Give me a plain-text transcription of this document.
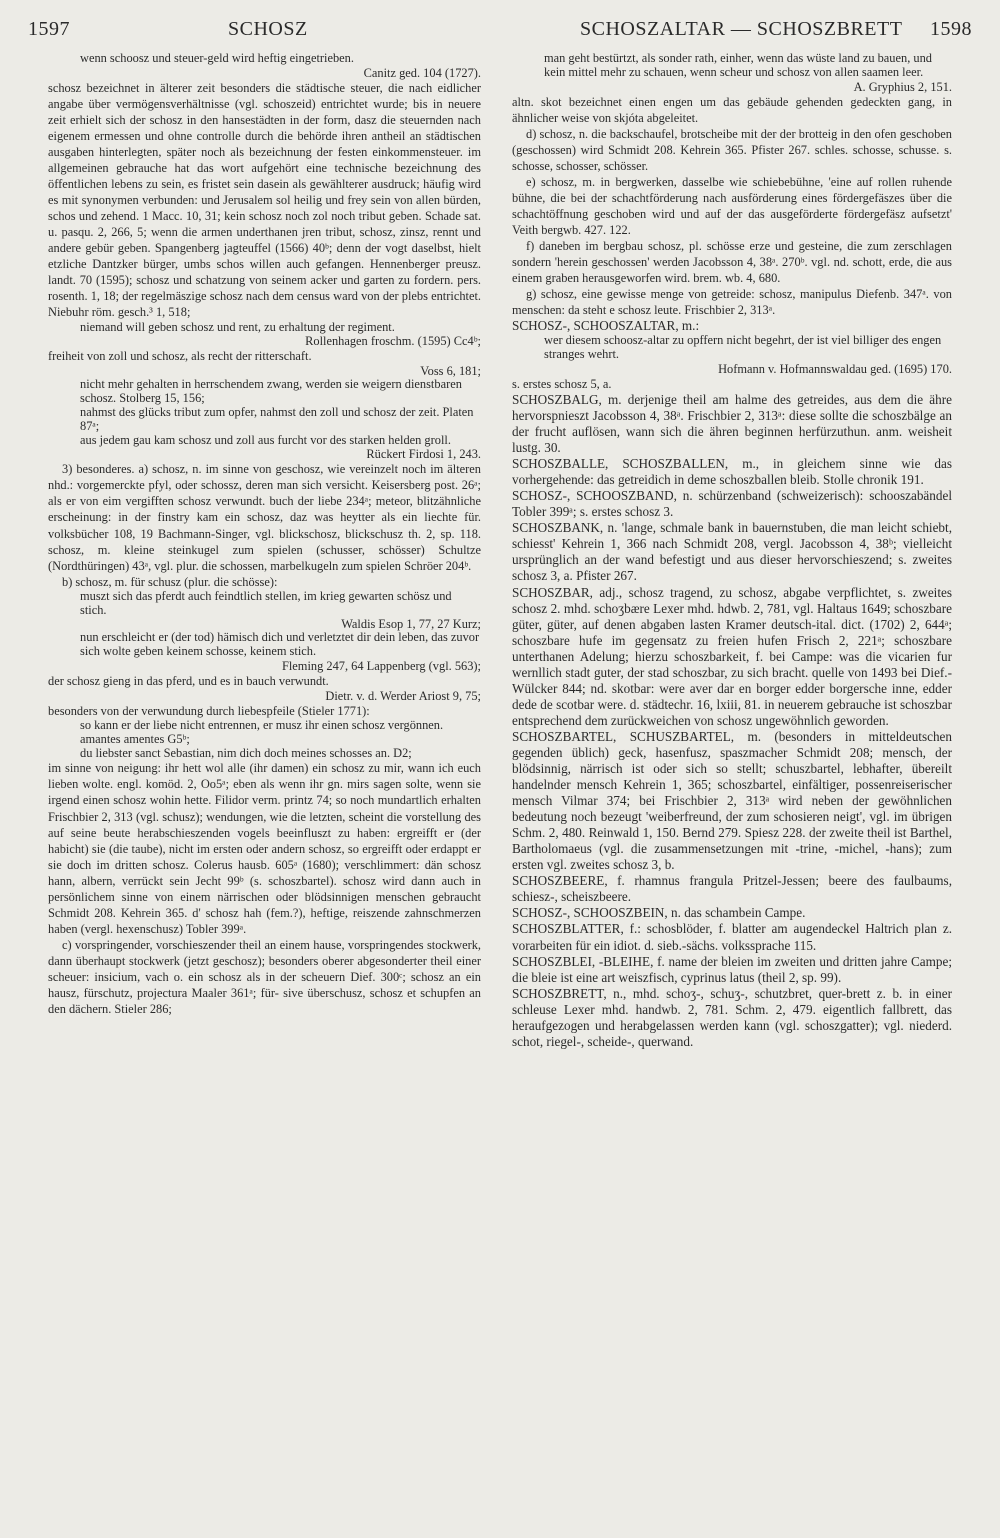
1597	SCHOSZ	SCHOSZALTAR — SCHOSZBRETT 1598

wenn schoosz und steuer-geld wird heftig eingetrieben.

Canitz ged. 104 (1727).

schosz bezeichnet in älterer zeit besonders die städtische steuer, die nach eidlicher angabe über vermögensverhältnisse (vgl. schoszeid) entrichtet wurde; bis in neuere zeit erhielt sich der schosz in den hansestädten in der form, dasz die steuernden nach eigenem ermessen und ohne controlle durch die behörde ihren antheil an städtischen ausgaben hinterlegten, später noch als bezeichnung der festen einkommensteuer. im allgemeinen gebrauche hat das wort aufgehört eine technische bezeichnung des öffentlichen lebens zu sein, es fristet sein dasein als gewählterer ausdruck; häufig wird es mit synonymen verbunden: und Jerusalem sol heilig und frey sein von allen bürden, schos und zehend. 1 Macc. 10, 31; kein schosz noch zol noch tribut geben. Schade sat. u. pasqu. 2, 266, 5; wenn die armen underthanen jren tribut, schosz, zinsz, rennt und andere gebür geben. Spangenberg jagteuffel (1566) 40ᵇ; denn der vogt daselbst, hielt etzliche Dantzker bürger, umbs schos willen auch gefangen. Hennenberger preusz. landt. 70 (1595); schosz und schatzung von seinem acker und garten zu fordern. pers. rosenth. 1, 18; der regelmäszige schosz nach dem census ward von der plebs entrichtet. Niebuhr röm. gesch.³ 1, 518;

niemand will geben schosz und rent, zu erhaltung der regiment.

Rollenhagen froschm. (1595) Cc4ᵇ;

freiheit von zoll und schosz, als recht der ritterschaft.

Voss 6, 181;

nicht mehr gehalten in herrschendem zwang, werden sie weigern dienstbaren schosz. Stolberg 15, 156;

nahmst des glücks tribut zum opfer, nahmst den zoll und schosz der zeit. Platen 87ᵃ;

aus jedem gau kam schosz und zoll aus furcht vor des starken helden groll.

Rückert Firdosi 1, 243.

3) besonderes. a) schosz, n. im sinne von geschosz, wie vereinzelt noch im älteren nhd.: vorgemerckte pfyl, oder schossz, deren man sich versicht. Keisersberg post. 26ᵃ; als er von eim vergifften schosz verwundt. buch der liebe 234ᵃ; meteor, blitzähnliche erscheinung: in der finstry kam ein schosz, daz was heytter als ein liechte für. volksbücher 108, 19 Bachmann-Singer, vgl. blickschosz, blickschusz th. 2, sp. 118. schosz, m. kleine steinkugel zum spielen (schusser, schösser) Schultze (Nordthüringen) 43ᵃ, vgl. plur. die schossen, marbelkugeln zum spielen Schröer 204ᵇ.

b) schosz, m. für schusz (plur. die schösse):

muszt sich das pferdt auch feindtlich stellen, im krieg gewarten schösz und stich.

Waldis Esop 1, 77, 27 Kurz;

nun erschleicht er (der tod) hämisch dich und verletztet dir dein leben, das zuvor sich wolte geben keinem schosse, keinem stich.

Fleming 247, 64 Lappenberg (vgl. 563);

der schosz gieng in das pferd, und es in bauch verwundt.

Dietr. v. d. Werder Ariost 9, 75;

besonders von der verwundung durch liebespfeile (Stieler 1771):

so kann er der liebe nicht entrennen, er musz ihr einen schosz vergönnen. amantes amentes G5ᵇ;

du liebster sanct Sebastian, nim dich doch meines schosses an. D2;

im sinne von neigung: ihr hett wol alle (ihr damen) ein schosz zu mir, wann ich euch lieben wolte. engl. komöd. 2, Oo5ᵃ; eben als wenn ihr gn. mirs sagen solte, wenn sie irgend einen schosz wohin hette. Filidor verm. printz 74; so noch mundartlich erhalten Frischbier 2, 313 (vgl. schusz); wendungen, wie die letzten, scheint die vorstellung des auf seine beute herabschieszenden vogels beeinfluszt zu haben: ergreifft er (der habicht) sie (die taube), nicht im ersten oder andern schosz, so ergreifft oder erdappt er sie doch im dritten schosz. Colerus hausb. 605ᵃ (1680); verschlimmert: dän schosz hann, albern, verrückt sein Jecht 99ᵇ (s. schoszbartel). schosz wird dann auch in persönlichem sinne von einem närrischen oder blödsinnigen menschen gebraucht Schmidt 208. Kehrein 365. d' schosz hah (fem.?), heftige, reiszende zahnschmerzen haben (vergl. hexenschusz) Tobler 399ᵃ.

c) vorspringender, vorschieszender theil an einem hause, vorspringendes stockwerk, dann überhaupt stockwerk (jetzt geschosz); besonders oberer abgesonderter theil einer scheuer: insicium, vach o. ein schosz als in der scheuern Dief. 300ᶜ; schosz an ein hausz, fürschutz, projectura Maaler 361ᵃ; für- sive überschusz, schosz et schupfen an den dächern. Stieler 286;

man geht bestürtzt, als sonder rath, einher, wenn das wüste land zu bauen, und kein mittel mehr zu schauen, wenn scheur und schosz von allen saamen leer.

A. Gryphius 2, 151.

altn. skot bezeichnet einen engen um das gebäude gehenden gedeckten gang, in ähnlicher weise von skjóta abgeleitet.

d) schosz, n. die backschaufel, brotscheibe mit der der brotteig in den ofen geschoben (geschossen) wird Schmidt 208. Kehrein 365. Pfister 267. schles. schosse, schusse. s. schosse, schosser, schösser.

e) schosz, m. in bergwerken, dasselbe wie schiebebühne, 'eine auf rollen ruhende bühne, die bei der schachtförderung nach ausförderung eines fördergefäszes über die schachtöffnung geschoben wird und auf der das ausgeförderte fördergefäsz aufsetzt' Veith bergwb. 427. 122.

f) daneben im bergbau schosz, pl. schösse erze und gesteine, die zum zerschlagen sondern 'herein geschossen' werden Jacobsson 4, 38ᵃ. 270ᵇ. vgl. nd. schott, erde, die aus einem graben herausgeworfen wird. brem. wb. 4, 680.

g) schosz, eine gewisse menge von getreide: schosz, manipulus Diefenb. 347ᵃ. von menschen: da steht e schosz leute. Frischbier 2, 313ᵃ.

SCHOSZ-, SCHOOSZALTAR, m.:

wer diesem schoosz-altar zu opffern nicht begehrt, der ist viel billiger des engen stranges wehrt.

Hofmann v. Hofmannswaldau ged. (1695) 170.

s. erstes schosz 5, a.

SCHOSZBALG, m. derjenige theil am halme des getreides, aus dem die ähre hervorspnieszt Jacobsson 4, 38ᵃ. Frischbier 2, 313ᵃ: diese sollte die schoszbälge an der frucht auflösen, wann sich die ähren beginnen herfürzuthun. anm. weisheit lustg. 30.

SCHOSZBALLE, SCHOSZBALLEN, m., in gleichem sinne wie das vorhergehende: das getreidich in deme schoszballen bleib. Stolle chronik 191.

SCHOSZ-, SCHOOSZBAND, n. schürzenband (schweizerisch): schooszabändel Tobler 399ᵃ; s. erstes schosz 3.

SCHOSZBANK, n. 'lange, schmale bank in bauernstuben, die man leicht schiebt, schiesst' Kehrein 1, 366 nach Schmidt 208, vergl. Jacobsson 4, 38ᵇ; vielleicht ursprünglich an der wand befestigt und aus dieser hervorschieszend; s. zweites schosz 3, a. Pfister 267.

SCHOSZBAR, adj., schosz tragend, zu schosz, abgabe verpflichtet, s. zweites schosz 2. mhd. schoʒbære Lexer mhd. hdwb. 2, 781, vgl. Haltaus 1649; schoszbare güter, güter, auf denen abgaben lasten Kramer deutsch-ital. dict. (1702) 2, 644ᵃ; schoszbare hufe im gegensatz zu freien hufen Frisch 2, 221ᵃ; schoszbare unterthanen Adelung; hierzu schoszbarkeit, f. bei Campe: was die vicarien fur wernllich stadt guter, der stad schoszbar, zu sich bracht. quelle von 1493 bei Dief.-Wülcker 844; nd. skotbar: were aver dar en borger edder borgersche inne, edder dede de scotbar were. d. städtechr. 16, lxiii, 81. in neuerem gebrauche ist schoszbar entsprechend dem zurückweichen von schosz ungewöhnlich geworden.

SCHOSZBARTEL, SCHUSZBARTEL, m. (besonders in mitteldeutschen gegenden üblich) geck, hasenfusz, spaszmacher Schmidt 208; mensch, der blödsinnig, närrisch ist oder sich so stellt; schuszbartel, lebhafter, übereilt handelnder mensch Kehrein 1, 365; schoszbartel, einfältiger, possenreiserischer mensch Vilmar 374; bei Frischbier 2, 313ᵃ wird neben der gewöhnlichen bedeutung noch bezeugt 'weiberfreund, der zum schosieren neigt', vgl. im übrigen Schm. 2, 480. Reinwald 1, 150. Bernd 279. Spiesz 228. der zweite theil ist Barthel, Bartholomaeus (vgl. die zusammensetzungen mit -trine, -michel, -hans); zum ersten vgl. zweites schosz 3, b.

SCHOSZBEERE, f. rhamnus frangula Pritzel-Jessen; beere des faulbaums, schiesz-, scheiszbeere.

SCHOSZ-, SCHOOSZBEIN, n. das schambein Campe.

SCHOSZBLATTER, f.: schosblöder, f. blatter am augendeckel Haltrich plan z. vorarbeiten für ein idiot. d. sieb.-sächs. volkssprache 115.

SCHOSZBLEI, -BLEIHE, f. name der bleien im zweiten und dritten jahre Campe; die bleie ist eine art weiszfisch, cyprinus latus (theil 2, sp. 99).

SCHOSZBRETT, n., mhd. schoʒ-, schuʒ-, schutzbret, quer-brett z. b. in einer schleuse Lexer mhd. handwb. 2, 781. Schm. 2, 479. eigentlich fallbrett, das heraufgezogen und herabgelassen werden kann (vgl. schoszgatter); vgl. niederd. schot, riegel-, scheide-, querwand.
